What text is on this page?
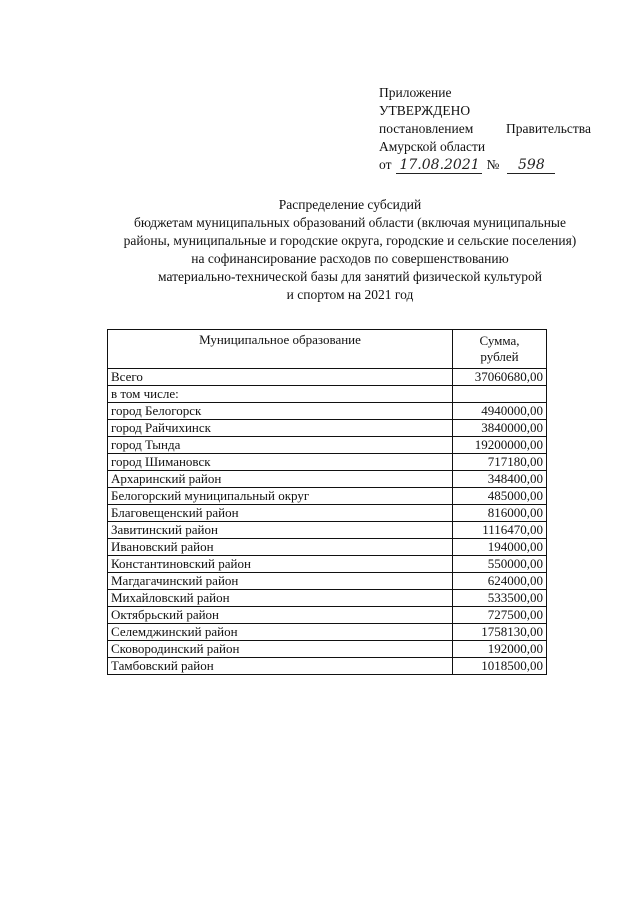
Приложение
УТВЕРЖДЕНО
постановлением Правительства
Амурской области
от 17.08.2021 №	598
Распределение субсидий
бюджетам муниципальных образований области (включая муниципальные
районы, муниципальные и городские округа, городские и сельские поселения)
на софинансирование расходов по совершенствованию
материально-технической базы для занятий физической культурой
и спортом на 2021 год
Муниципальное образование	Сумма,
рублей

Всего	37060680,00
в том числе:	
город Белогорск	4940000,00
город Райчихинск	3840000,00
город Тында	19200000,00
город Шимановск	717180,00
Архаринский район	348400,00
Белогорский муниципальный округ	485000,00
Благовещенский район	816000,00
Завитинский район	1116470,00
Ивановский район	194000,00
Константиновский район	550000,00
Магдагачинский район	624000,00
Михайловский район	533500,00
Октябрьский район	727500,00
Селемджинский район	1758130,00
Сковородинский район	192000,00
Тамбовский район	1018500,00
